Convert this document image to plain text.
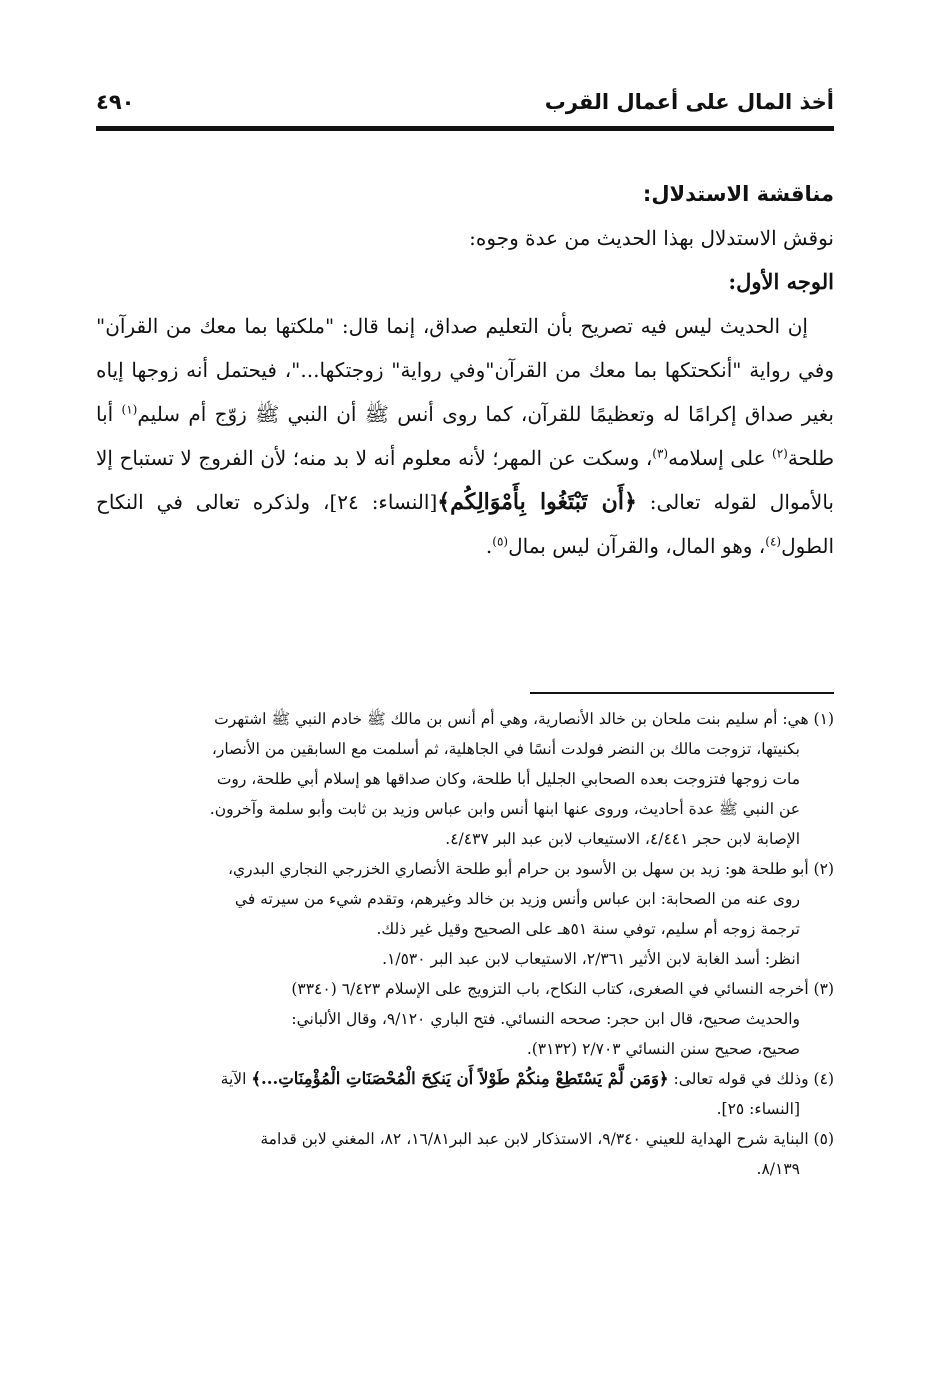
أخذ المال على أعمال القرب
٤٩٠

مناقشة الاستدلال:

نوقش الاستدلال بهذا الحديث من عدة وجوه:

الوجه الأول:

إن الحديث ليس فيه تصريح بأن التعليم صداق، إنما قال: "ملكتها بما معك من القرآن" وفي رواية "أنكحتكها بما معك من القرآن"وفي رواية" زوجتكها..."، فيحتمل أنه زوجها إياه بغير صداق إكرامًا له وتعظيمًا للقرآن، كما روى أنس ﷺ أن النبي ﷺ زوّج أم سليم$^{(١)}$ أبا طلحة$^{(٢)}$ على إسلامه$^{(٣)}$، وسكت عن المهر؛ لأنه معلوم أنه لا بد منه؛ لأن الفروج لا تستباح إلا بالأموال لقوله تعالى: ﴿أَن تَبْتَغُوا بِأَمْوَالِكُم﴾[النساء: ٢٤]، ولذكره تعالى في النكاح الطول$^{(٤)}$، وهو المال، والقرآن ليس بمال$^{(٥)}$.

(١) هي: أم سليم بنت ملحان بن خالد الأنصارية، وهي أم أنس بن مالك ﷺ خادم النبي ﷺ اشتهرت

بكنيتها، تزوجت مالك بن النضر فولدت أنسًا في الجاهلية، ثم أسلمت مع السابقين من الأنصار،

مات زوجها فتزوجت بعده الصحابي الجليل أبا طلحة، وكان صداقها هو إسلام أبي طلحة، روت

عن النبي ﷺ عدة أحاديث، وروى عنها ابنها أنس وابن عباس وزيد بن ثابت وأبو سلمة وآخرون.

الإصابة لابن حجر ٤/٤٤١، الاستيعاب لابن عبد البر ٤/٤٣٧.

(٢) أبو طلحة هو: زيد بن سهل بن الأسود بن حرام أبو طلحة الأنصاري الخزرجي النجاري البدري،

روى عنه من الصحابة: ابن عباس وأنس وزيد بن خالد وغيرهم، وتقدم شيء من سيرته في

ترجمة زوجه أم سليم، توفي سنة ٥١هـ على الصحيح وقيل غير ذلك.

انظر: أسد الغابة لابن الأثير ٢/٣٦١، الاستيعاب لابن عبد البر ١/٥٣٠.

(٣) أخرجه النسائي في الصغرى، كتاب النكاح، باب التزويج على الإسلام ٦/٤٢٣ (٣٣٤٠)

والحديث صحيح، قال ابن حجر: صححه النسائي. فتح الباري ٩/١٢٠، وقال الألباني:

صحيح، صحيح سنن النسائي ٢/٧٠٣ (٣١٣٢).

(٤) وذلك في قوله تعالى: ﴿وَمَن لَّمْ يَسْتَطِعْ مِنكُمْ طَوْلاً أَن يَنكِحَ الْمُحْصَنَاتِ الْمُؤْمِنَاتِ...﴾ الآية

[النساء: ٢٥].

(٥) البناية شرح الهداية للعيني ٩/٣٤٠، الاستذكار لابن عبد البر١٦/٨١، ٨٢، المغني لابن قدامة

٨/١٣٩.
